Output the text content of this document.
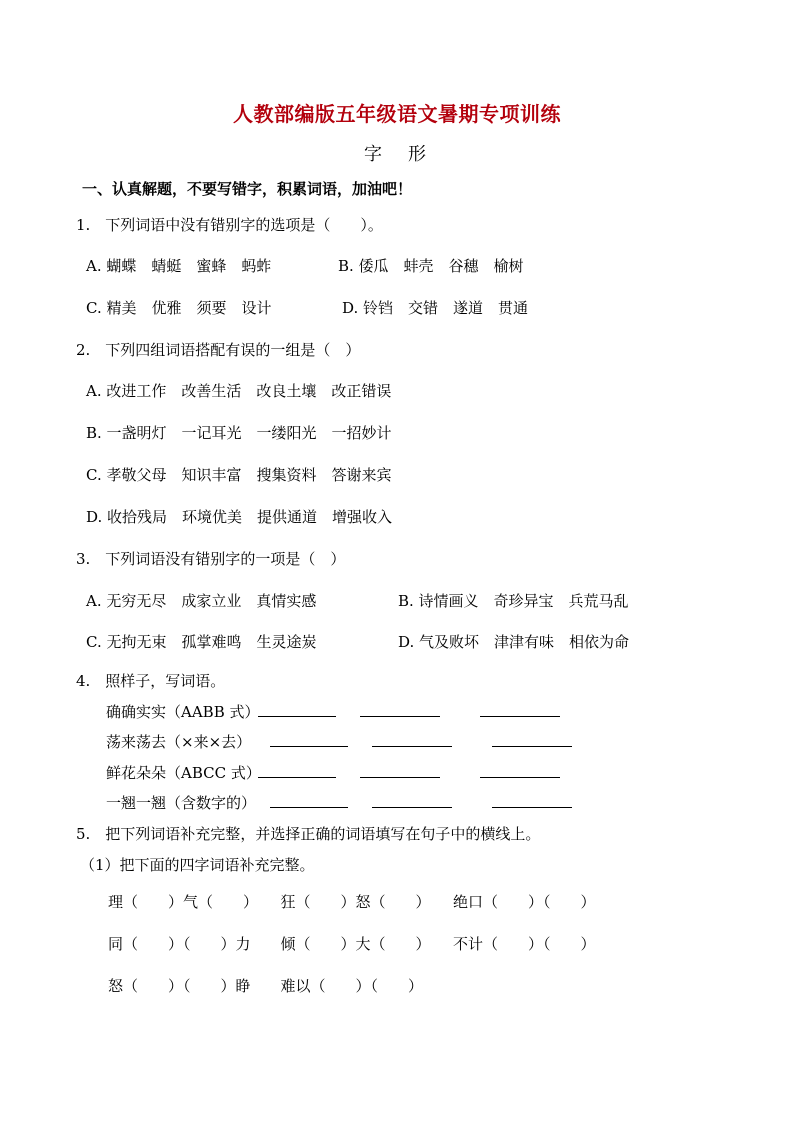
人教部编版五年级语文暑期专项训练
字　形
一、认真解题，不要写错字，积累词语，加油吧！
1.　下列词语中没有错别字的选项是（　　）。
A. 蝴蝶　蜻蜓　蜜蜂　蚂蚱	B. 倭瓜　蚌壳　谷穗　榆树
C. 精美　优雅　须要　设计	D. 铃铛　交错　遂道　贯通
2.　下列四组词语搭配有误的一组是（　）
A. 改进工作　改善生活　改良土壤　改正错误
B. 一盏明灯　一记耳光　一缕阳光　一招妙计
C. 孝敬父母　知识丰富　搜集资料　答谢来宾
D. 收拾残局　环境优美　提供通道　增强收入
3.　下列词语没有错别字的一项是（　）
A. 无穷无尽　成家立业　真情实感	B. 诗情画义　奇珍异宝　兵荒马乱
C. 无拘无束　孤掌难鸣　生灵途炭	D. 气及败坏　津津有味　相依为命
4.　照样子，写词语。
确确实实（AABB 式）
荡来荡去（×来×去）
鲜花朵朵（ABCC 式）
一翘一翘（含数字的）
5.　把下列词语补充完整，并选择正确的词语填写在句子中的横线上。
（1）把下面的四字词语补充完整。
理（　　）气（　　）　　狂（　　）怒（　　）　　绝口（　　）（　　）
同（　　）（　　）力　　倾（　　）大（　　）　　不计（　　）（　　）
怒（　　）（　　）睁　　难以（　　）（　　）
